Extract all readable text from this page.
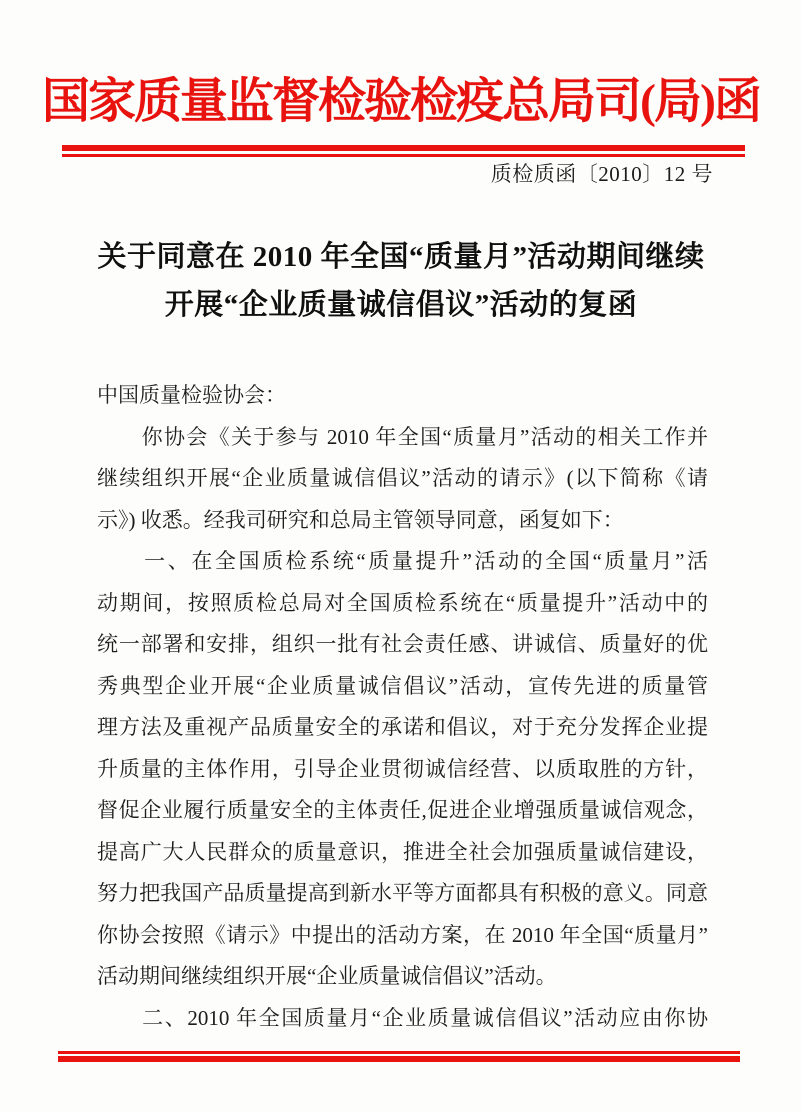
国家质量监督检验检疫总局司(局)函
质检质函〔2010〕12 号
关于同意在 2010 年全国“质量月”活动期间继续
开展“企业质量诚信倡议”活动的复函
中国质量检验协会：
　　你协会《关于参与 2010 年全国“质量月”活动的相关工作并
继续组织开展“企业质量诚信倡议”活动的请示》(以下简称《请
示》) 收悉。经我司研究和总局主管领导同意，函复如下：
　　一、在全国质检系统“质量提升”活动的全国“质量月”活
动期间，按照质检总局对全国质检系统在“质量提升”活动中的
统一部署和安排，组织一批有社会责任感、讲诚信、质量好的优
秀典型企业开展“企业质量诚信倡议”活动，宣传先进的质量管
理方法及重视产品质量安全的承诺和倡议，对于充分发挥企业提
升质量的主体作用，引导企业贯彻诚信经营、以质取胜的方针，
督促企业履行质量安全的主体责任,促进企业增强质量诚信观念，
提高广大人民群众的质量意识，推进全社会加强质量诚信建设，
努力把我国产品质量提高到新水平等方面都具有积极的意义。同意
你协会按照《请示》中提出的活动方案，在 2010 年全国“质量月”
活动期间继续组织开展“企业质量诚信倡议”活动。
　　二、2010 年全国质量月“企业质量诚信倡议”活动应由你协
